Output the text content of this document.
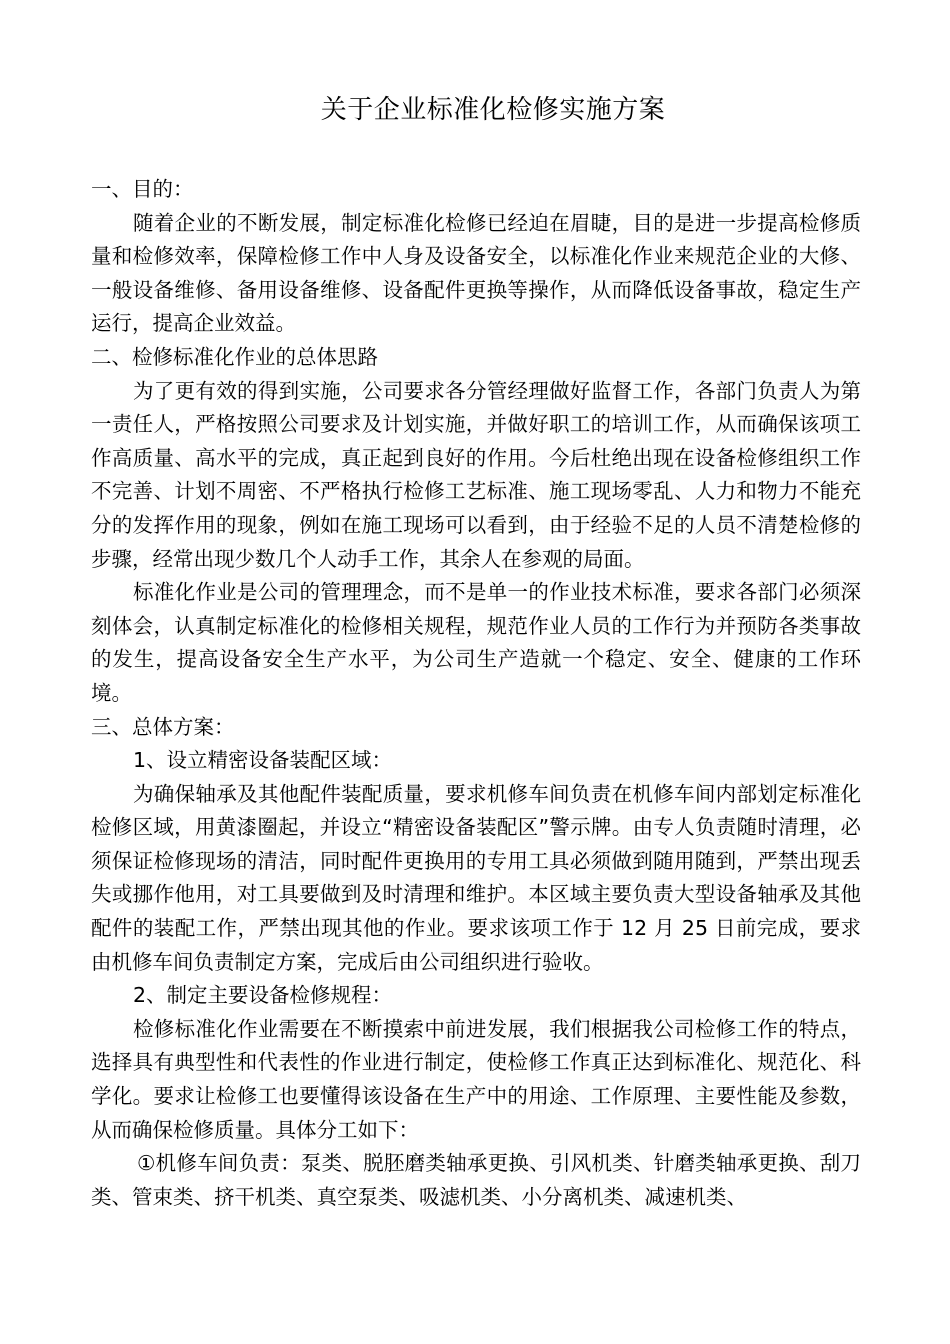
关于企业标准化检修实施方案

一、目的：

随着企业的不断发展，制定标准化检修已经迫在眉睫，目的是进一步提高检修质量和检修效率，保障检修工作中人身及设备安全，以标准化作业来规范企业的大修、一般设备维修、备用设备维修、设备配件更换等操作，从而降低设备事故，稳定生产运行，提高企业效益。

二、检修标准化作业的总体思路

为了更有效的得到实施，公司要求各分管经理做好监督工作，各部门负责人为第一责任人，严格按照公司要求及计划实施，并做好职工的培训工作，从而确保该项工作高质量、高水平的完成，真正起到良好的作用。今后杜绝出现在设备检修组织工作不完善、计划不周密、不严格执行检修工艺标准、施工现场零乱、人力和物力不能充分的发挥作用的现象，例如在施工现场可以看到，由于经验不足的人员不清楚检修的步骤，经常出现少数几个人动手工作，其余人在参观的局面。

标准化作业是公司的管理理念，而不是单一的作业技术标准，要求各部门必须深刻体会，认真制定标准化的检修相关规程，规范作业人员的工作行为并预防各类事故的发生，提高设备安全生产水平，为公司生产造就一个稳定、安全、健康的工作环境。

三、总体方案：

1、设立精密设备装配区域：

为确保轴承及其他配件装配质量，要求机修车间负责在机修车间内部划定标准化检修区域，用黄漆圈起，并设立“精密设备装配区”警示牌。由专人负责随时清理，必须保证检修现场的清洁，同时配件更换用的专用工具必须做到随用随到，严禁出现丢失或挪作他用，对工具要做到及时清理和维护。本区域主要负责大型设备轴承及其他配件的装配工作，严禁出现其他的作业。要求该项工作于 12 月 25 日前完成，要求由机修车间负责制定方案，完成后由公司组织进行验收。

2、制定主要设备检修规程：

检修标准化作业需要在不断摸索中前进发展，我们根据我公司检修工作的特点，选择具有典型性和代表性的作业进行制定，使检修工作真正达到标准化、规范化、科学化。要求让检修工也要懂得该设备在生产中的用途、工作原理、主要性能及参数，从而确保检修质量。具体分工如下：

①机修车间负责：泵类、脱胚磨类轴承更换、引风机类、针磨类轴承更换、刮刀类、管束类、挤干机类、真空泵类、吸滤机类、小分离机类、减速机类、
